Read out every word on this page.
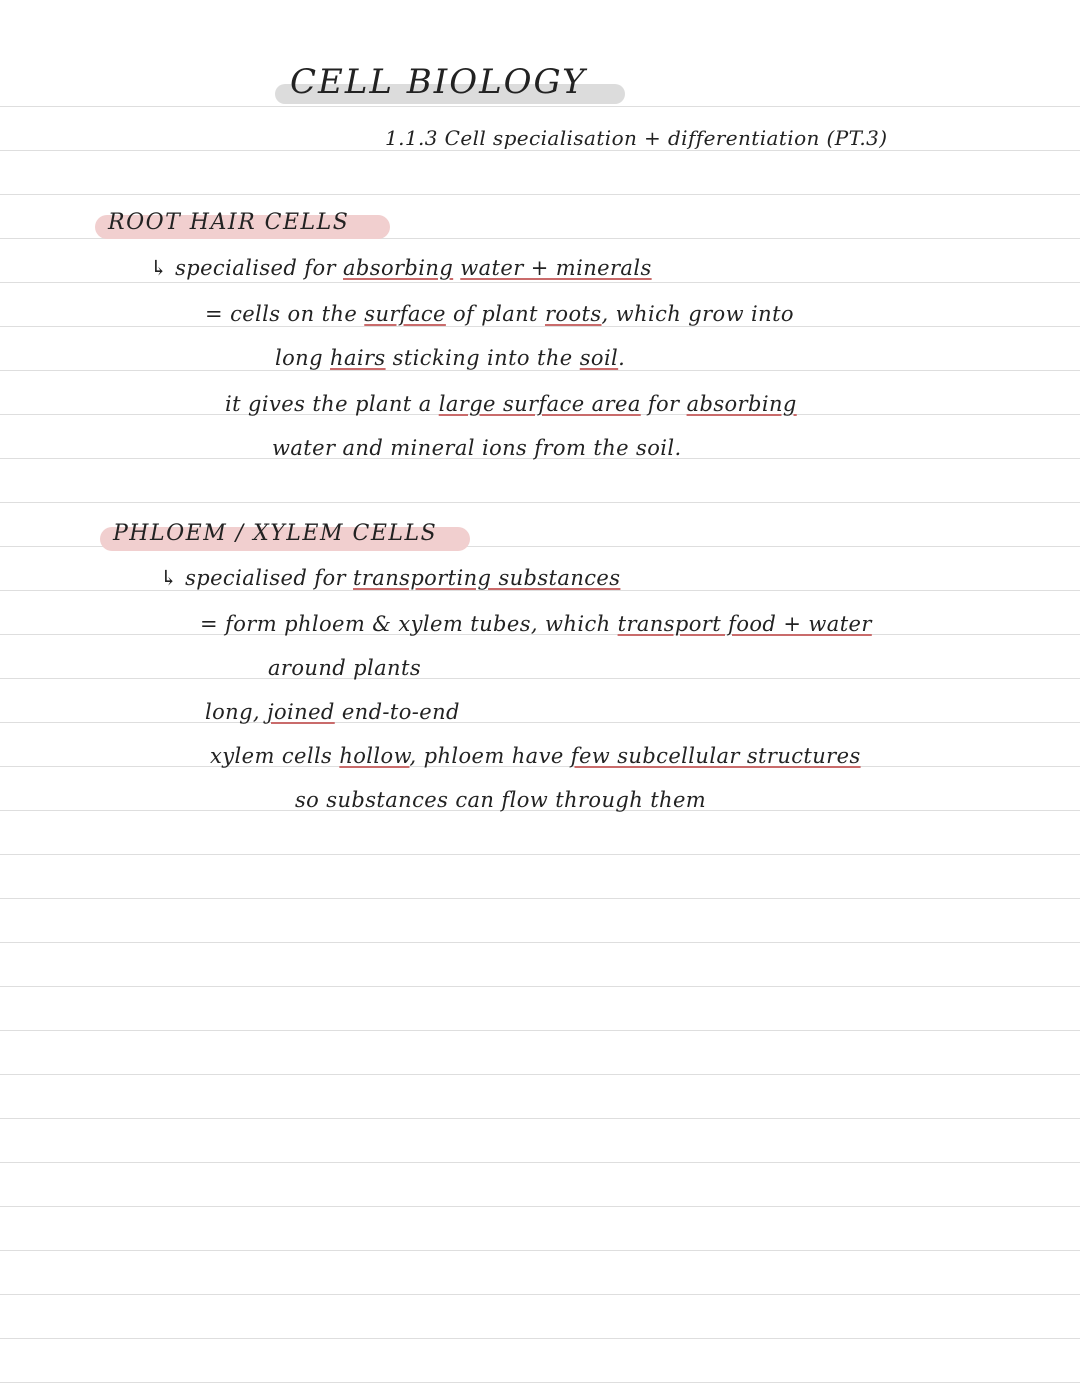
CELL BIOLOGY
1.1.3 Cell specialisation + differentiation (PT.3)
ROOT HAIR CELLS
↳ specialised for absorbing water + minerals
= cells on the surface of plant roots, which grow into
long hairs sticking into the soil.
it gives the plant a large surface area for absorbing
water and mineral ions from the soil.
PHLOEM / XYLEM CELLS
↳ specialised for transporting substances
= form phloem & xylem tubes, which transport food + water
around plants
long, joined end-to-end
xylem cells hollow, phloem have few subcellular structures
so substances can flow through them
